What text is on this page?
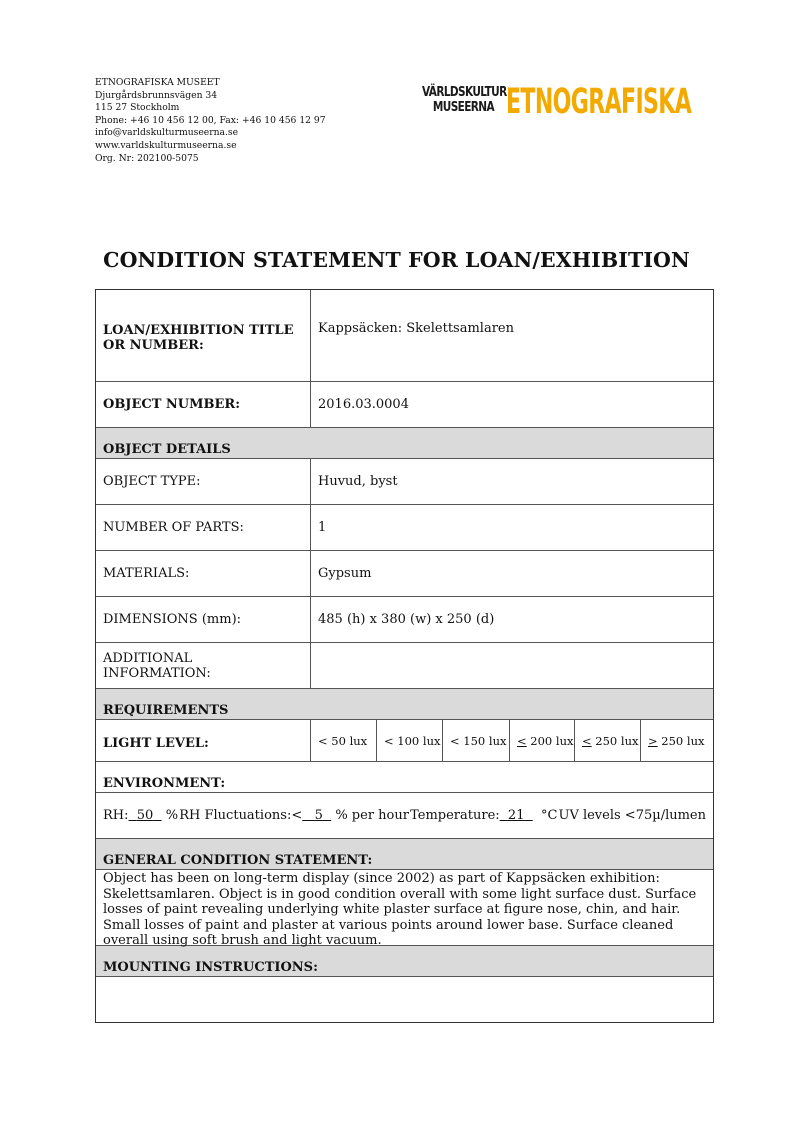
ETNOGRAFISKA MUSEET
Djurgårdsbrunnsvägen 34
115 27 Stockholm
Phone: +46 10 456 12 00, Fax: +46 10 456 12 97
info@varldskulturmuseerna.se
www.varldskulturmuseerna.se
Org. Nr: 202100-5075
VÄRLDSKULTUR
MUSEERNA ETNOGRAFISKA
CONDITION STATEMENT FOR LOAN/EXHIBITION
LOAN/EXHIBITION TITLE OR NUMBER:
Kappsäcken: Skelettsamlaren
OBJECT NUMBER:	2016.03.0004
OBJECT DETAILS
OBJECT TYPE:	Huvud, byst
NUMBER OF PARTS:	1
MATERIALS:	Gypsum
DIMENSIONS (mm):	485 (h) x 380 (w) x 250 (d)
ADDITIONAL INFORMATION:
REQUIREMENTS
LIGHT LEVEL:	< 50 lux	< 100 lux < 150 lux < 200 lux < 250 lux > 250 lux
ENVIRONMENT:
RH: 50
% RH Fluctuations:< 5
% per hour Temperature: 21
	°C UV levels <75µ/lumen
GENERAL CONDITION STATEMENT:
Object has been on long-term display (since 2002) as part of Kappsäcken exhibition: Skelettsamlaren. Object is in good condition overall with some light surface dust. Surface losses of paint revealing underlying white plaster surface at figure nose, chin, and hair. Small losses of paint and plaster at various points around lower base. Surface cleaned overall using soft brush and light vacuum.
MOUNTING INSTRUCTIONS:
